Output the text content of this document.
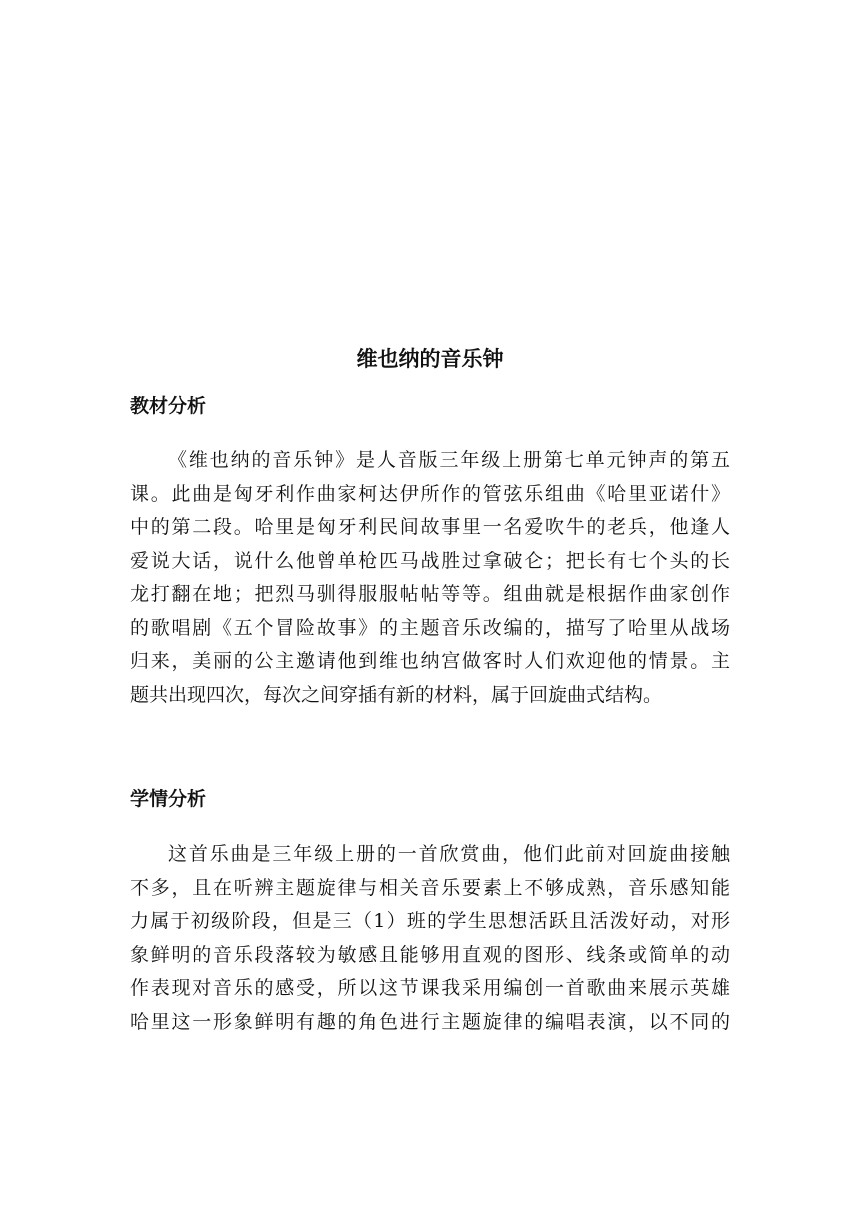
维也纳的音乐钟
教材分析
《维也纳的音乐钟》是人音版三年级上册第七单元钟声的第五
课。此曲是匈牙利作曲家柯达伊所作的管弦乐组曲《哈里亚诺什》
中的第二段。哈里是匈牙利民间故事里一名爱吹牛的老兵，他逢人
爱说大话，说什么他曾单枪匹马战胜过拿破仑；把长有七个头的长
龙打翻在地；把烈马驯得服服帖帖等等。组曲就是根据作曲家创作
的歌唱剧《五个冒险故事》的主题音乐改编的，描写了哈里从战场
归来，美丽的公主邀请他到维也纳宫做客时人们欢迎他的情景。主
题共出现四次，每次之间穿插有新的材料，属于回旋曲式结构。
学情分析
这首乐曲是三年级上册的一首欣赏曲，他们此前对回旋曲接触
不多，且在听辨主题旋律与相关音乐要素上不够成熟，音乐感知能
力属于初级阶段，但是三（1）班的学生思想活跃且活泼好动，对形
象鲜明的音乐段落较为敏感且能够用直观的图形、线条或简单的动
作表现对音乐的感受，所以这节课我采用编创一首歌曲来展示英雄
哈里这一形象鲜明有趣的角色进行主题旋律的编唱表演，以不同的
